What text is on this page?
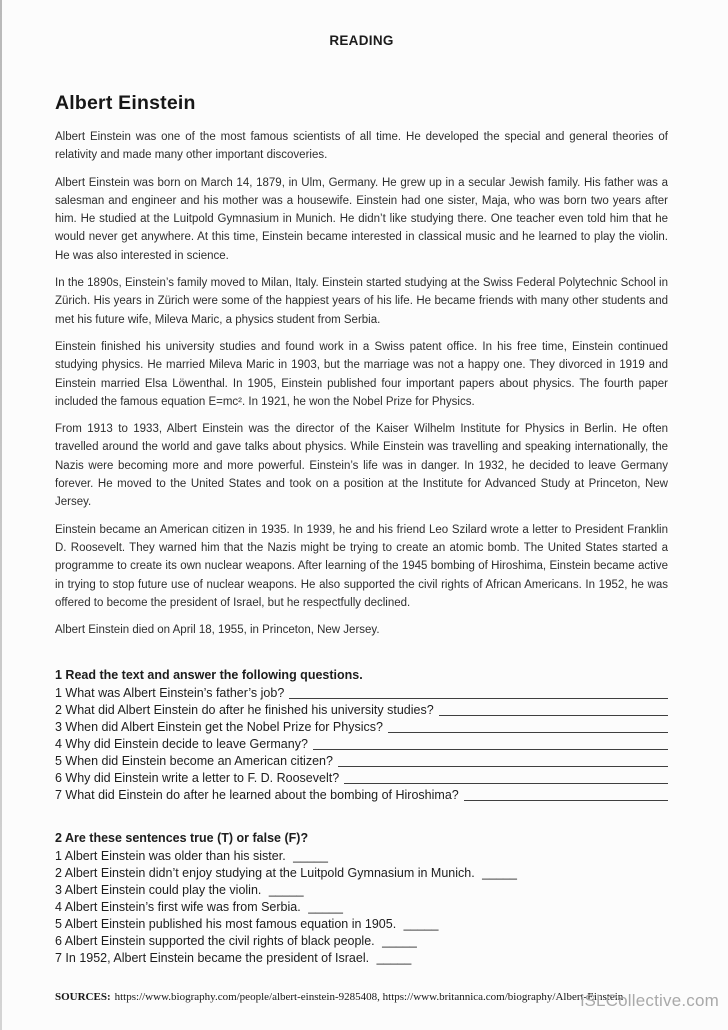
READING
Albert Einstein

Albert Einstein was one of the most famous scientists of all time. He developed the special and general theories of relativity and made many other important discoveries.

Albert Einstein was born on March 14, 1879, in Ulm, Germany. He grew up in a secular Jewish family. His father was a salesman and engineer and his mother was a housewife. Einstein had one sister, Maja, who was born two years after him. He studied at the Luitpold Gymnasium in Munich. He didn’t like studying there. One teacher even told him that he would never get anywhere. At this time, Einstein became interested in classical music and he learned to play the violin. He was also interested in science.

In the 1890s, Einstein’s family moved to Milan, Italy. Einstein started studying at the Swiss Federal Polytechnic School in Zürich. His years in Zürich were some of the happiest years of his life. He became friends with many other students and met his future wife, Mileva Maric, a physics student from Serbia.

Einstein finished his university studies and found work in a Swiss patent office. In his free time, Einstein continued studying physics. He married Mileva Maric in 1903, but the marriage was not a happy one. They divorced in 1919 and Einstein married Elsa Löwenthal. In 1905, Einstein published four important papers about physics. The fourth paper included the famous equation E=mc². In 1921, he won the Nobel Prize for Physics.

From 1913 to 1933, Albert Einstein was the director of the Kaiser Wilhelm Institute for Physics in Berlin. He often travelled around the world and gave talks about physics. While Einstein was travelling and speaking internationally, the Nazis were becoming more and more powerful. Einstein’s life was in danger. In 1932, he decided to leave Germany forever. He moved to the United States and took on a position at the Institute for Advanced Study at Princeton, New Jersey.

Einstein became an American citizen in 1935. In 1939, he and his friend Leo Szilard wrote a letter to President Franklin D. Roosevelt. They warned him that the Nazis might be trying to create an atomic bomb. The United States started a programme to create its own nuclear weapons. After learning of the 1945 bombing of Hiroshima, Einstein became active in trying to stop future use of nuclear weapons. He also supported the civil rights of African Americans. In 1952, he was offered to become the president of Israel, but he respectfully declined.

Albert Einstein died on April 18, 1955, in Princeton, New Jersey.

1 Read the text and answer the following questions.
1 What was Albert Einstein’s father’s job?
2 What did Albert Einstein do after he finished his university studies?
3 When did Albert Einstein get the Nobel Prize for Physics?
4 Why did Einstein decide to leave Germany?
5 When did Einstein become an American citizen?
6 Why did Einstein write a letter to F. D. Roosevelt?
7 What did Einstein do after he learned about the bombing of Hiroshima?
2 Are these sentences true (T) or false (F)?
1 Albert Einstein was older than his sister. _____
2 Albert Einstein didn’t enjoy studying at the Luitpold Gymnasium in Munich. _____
3 Albert Einstein could play the violin. _____
4 Albert Einstein’s first wife was from Serbia. _____
5 Albert Einstein published his most famous equation in 1905. _____
6 Albert Einstein supported the civil rights of black people. _____
7 In 1952, Albert Einstein became the president of Israel. _____
SOURCES: https://www.biography.com/people/albert-einstein-9285408, https://www.britannica.com/biography/Albert-Einstein
iSLCollective.com
